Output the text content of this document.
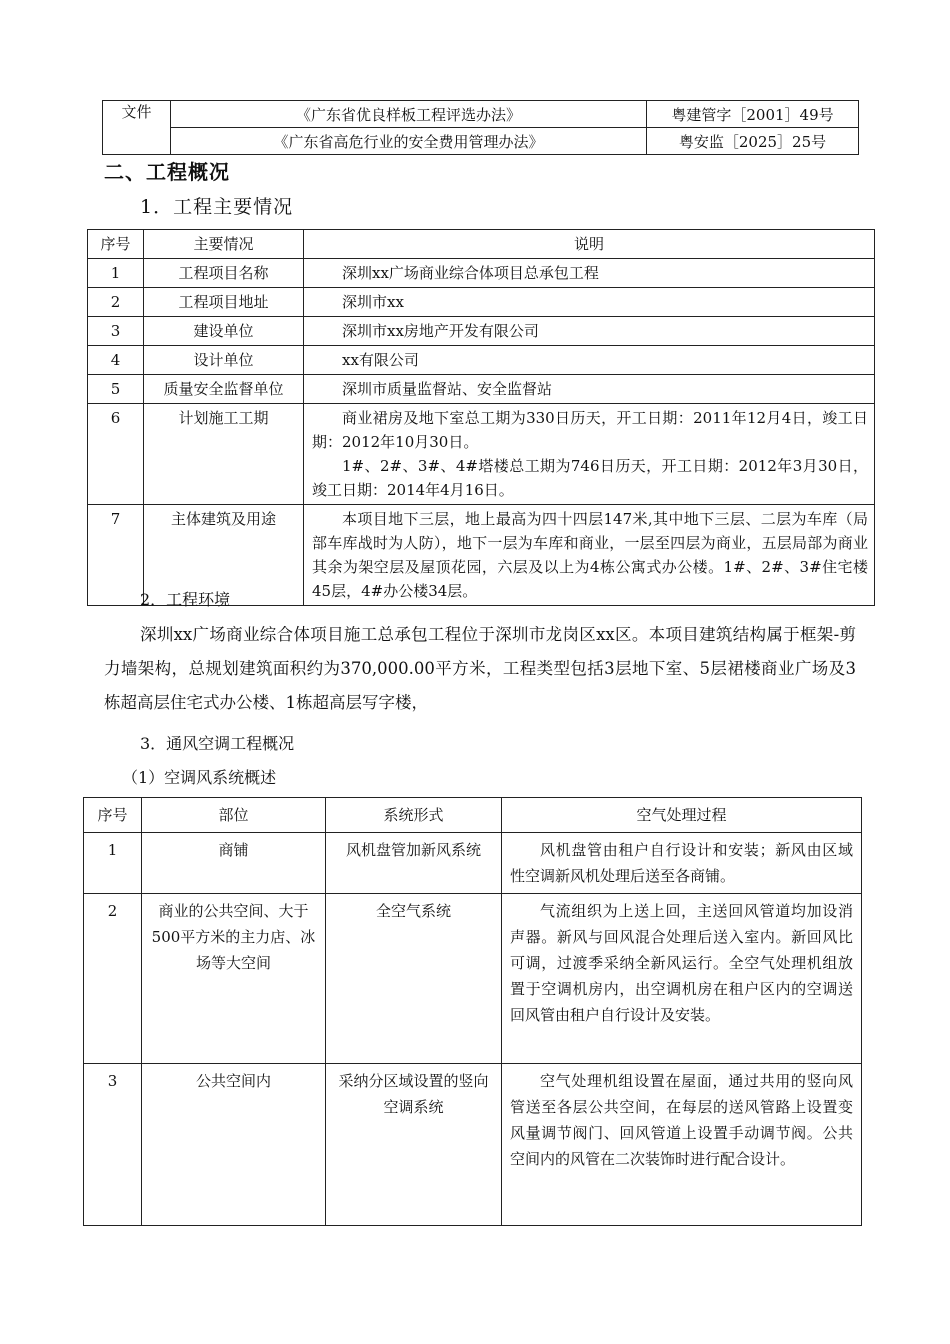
文件	《广东省优良样板工程评选办法》	粤建管字［2001］49号
	《广东省高危行业的安全费用管理办法》	粤安监［2025］25号
二、工程概况
1．工程主要情况
序号	主要情况	说明
1	工程项目名称	深圳xx广场商业综合体项目总承包工程

2	工程项目地址	深圳市xx

3	建设单位	深圳市xx房地产开发有限公司

4	设计单位	xx有限公司

5	质量安全监督单位	深圳市质量监督站、安全监督站

6	计划施工工期	商业裙房及地下室总工期为330日历天，开工日期：2011年12月4日，竣工日期：2012年10月30日。
1#、2#、3#、4#塔楼总工期为746日历天，开工日期：2012年3月30日，竣工日期：2014年4月16日。

7	主体建筑及用途	本项目地下三层，地上最高为四十四层147米,其中地下三层、二层为车库（局部车库战时为人防），地下一层为车库和商业，一层至四层为商业，五层局部为商业其余为架空层及屋顶花园，六层及以上为4栋公寓式办公楼。1#、2#、3#住宅楼45层，4#办公楼34层。
2．工程环境
深圳xx广场商业综合体项目施工总承包工程位于深圳市龙岗区xx区。本项目建筑结构属于框架-剪力墙架构，总规划建筑面积约为370,000.00平方米，工程类型包括3层地下室、5层裙楼商业广场及3栋超高层住宅式办公楼、1栋超高层写字楼，
3．通风空调工程概况
（1）空调风系统概述
序号	部位	系统形式	空气处理过程
1	商铺	风机盘管加新风系统	风机盘管由租户自行设计和安装；新风由区域性空调新风机处理后送至各商铺。
2	商业的公共空间、大于500平方米的主力店、冰场等大空间	全空气系统	气流组织为上送上回，主送回风管道均加设消声器。新风与回风混合处理后送入室内。新回风比可调，过渡季采纳全新风运行。全空气处理机组放置于空调机房内，出空调机房在租户区内的空调送回风管由租户自行设计及安装。
3	公共空间内	采纳分区域设置的竖向空调系统	空气处理机组设置在屋面，通过共用的竖向风管送至各层公共空间，在每层的送风管路上设置变风量调节阀门、回风管道上设置手动调节阀。公共空间内的风管在二次装饰时进行配合设计。
